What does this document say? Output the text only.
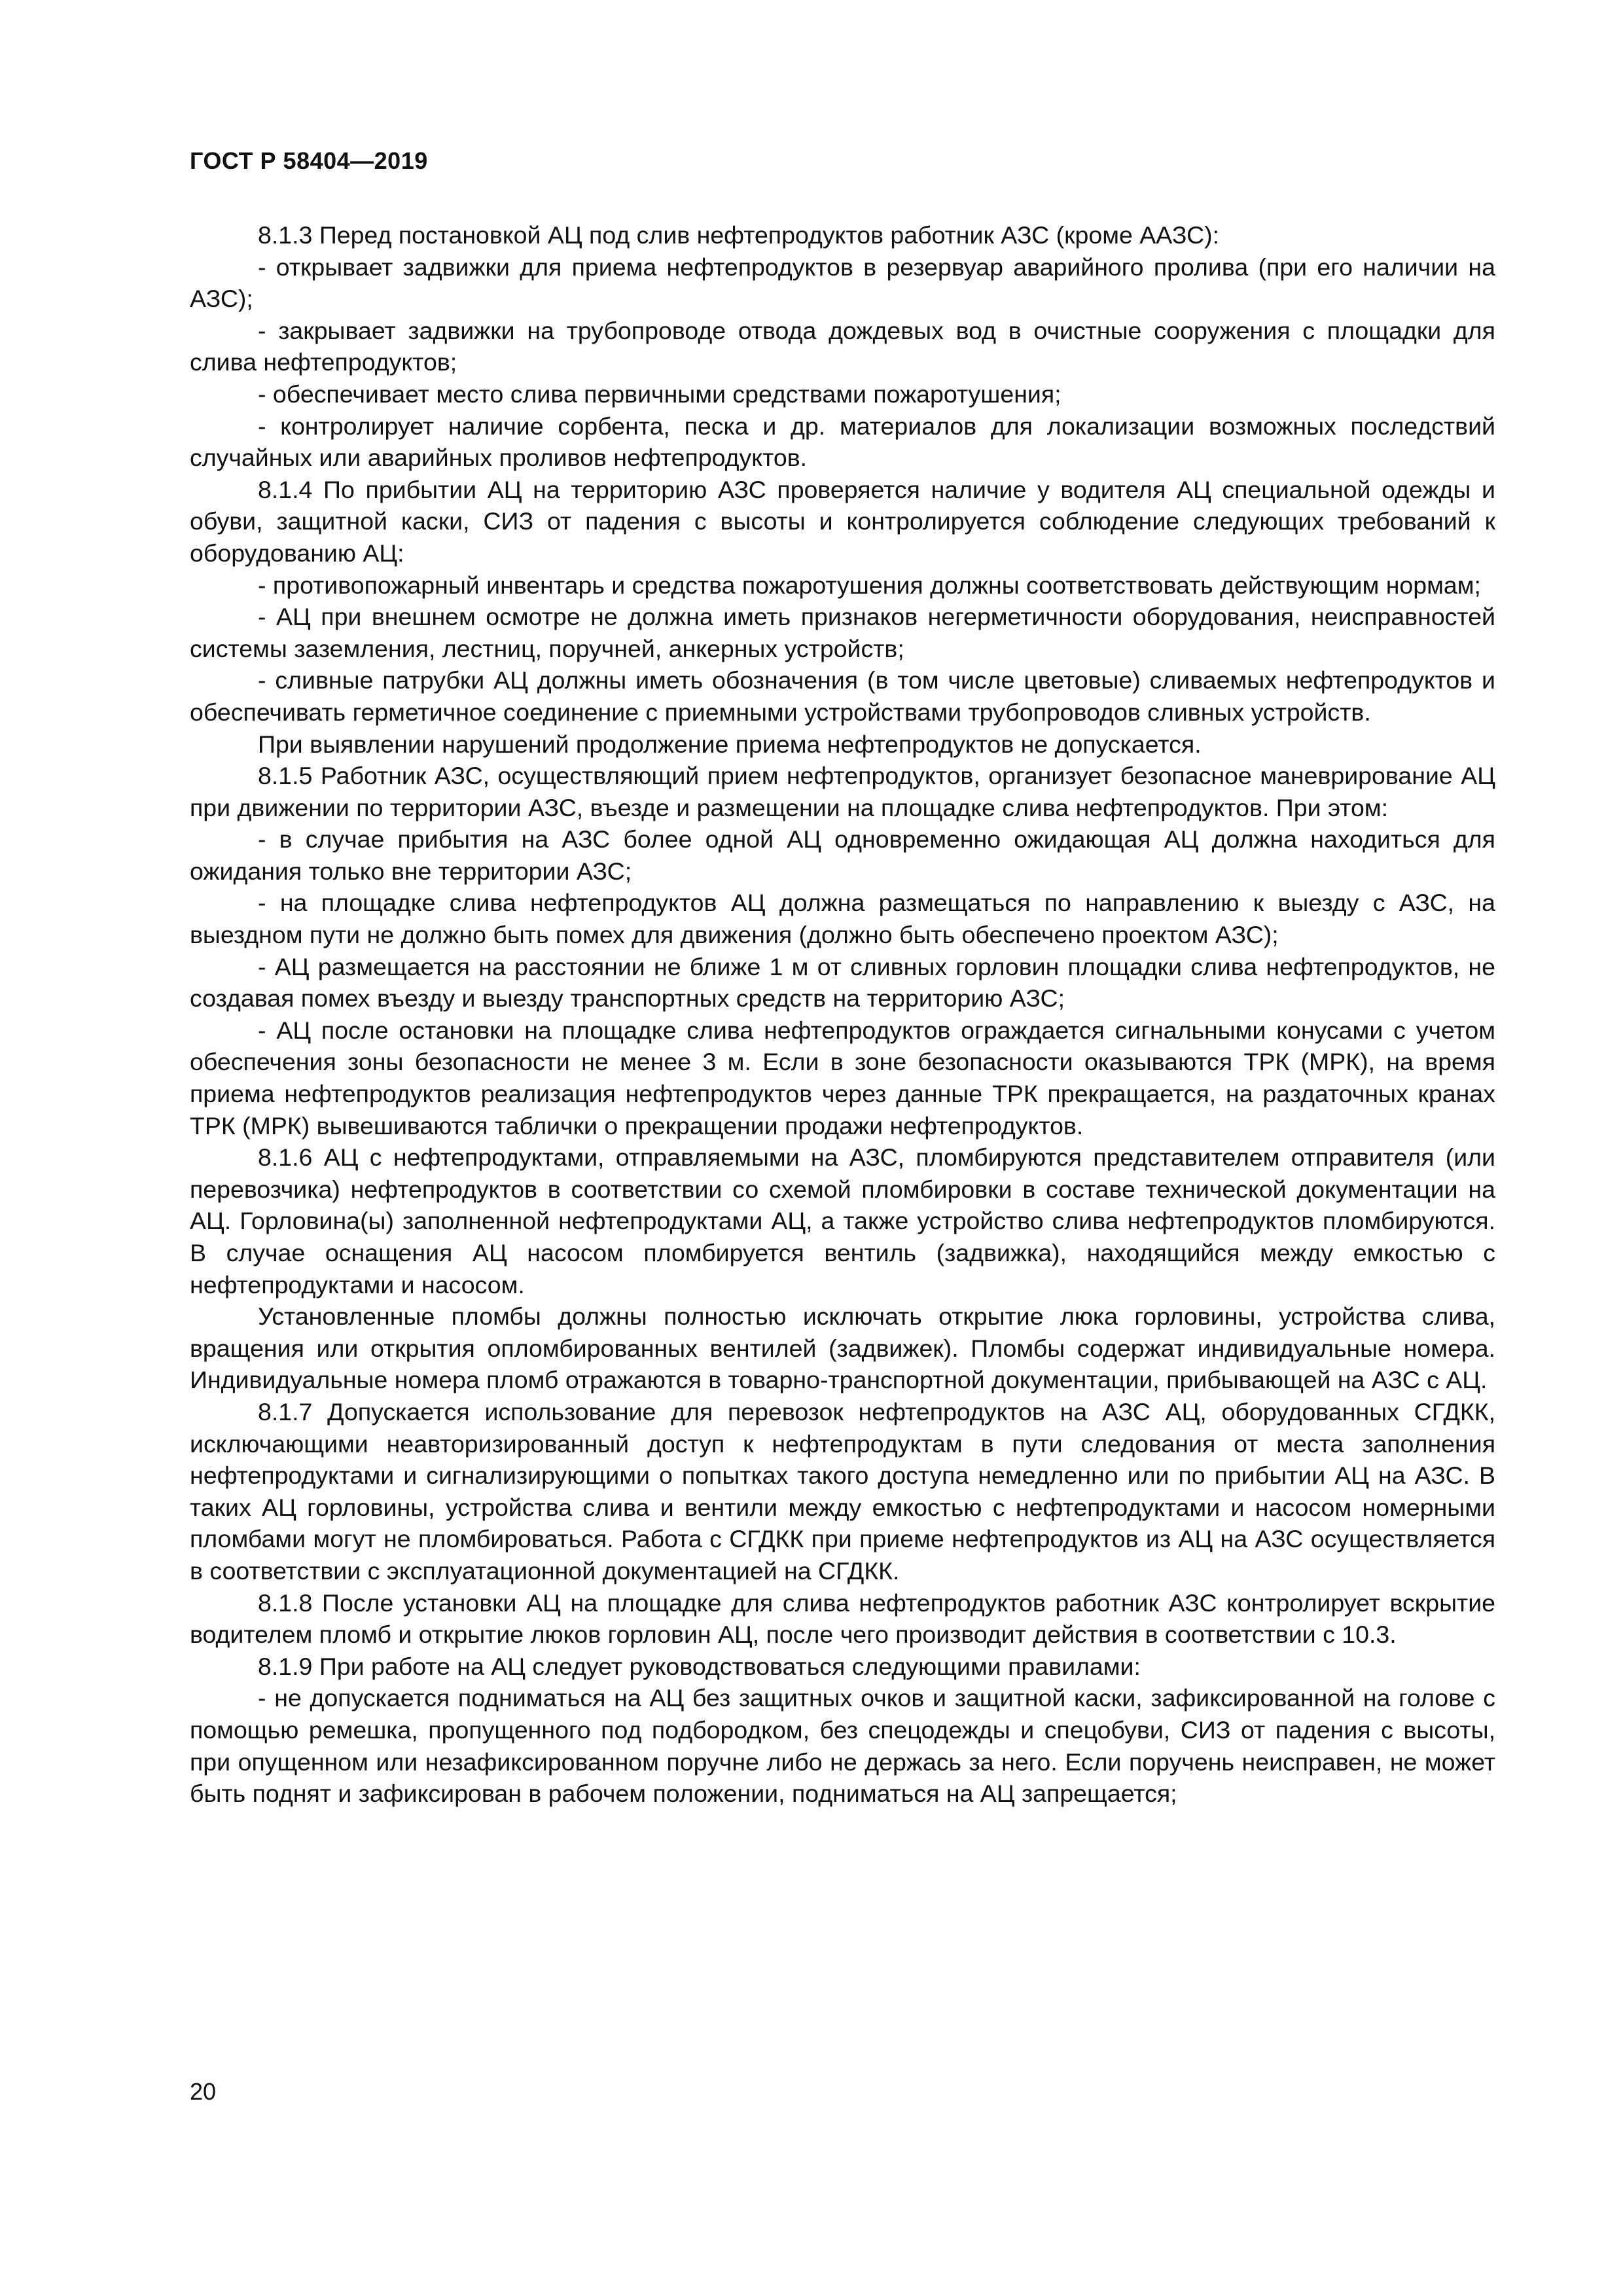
ГОСТ Р 58404—2019

8.1.3 Перед постановкой АЦ под слив нефтепродуктов работник АЗС (кроме ААЗС):

- открывает задвижки для приема нефтепродуктов в резервуар аварийного пролива (при его наличии на АЗС);

- закрывает задвижки на трубопроводе отвода дождевых вод в очистные сооружения с площадки для слива нефтепродуктов;

- обеспечивает место слива первичными средствами пожаротушения;

- контролирует наличие сорбента, песка и др. материалов для локализации возможных последствий случайных или аварийных проливов нефтепродуктов.

8.1.4 По прибытии АЦ на территорию АЗС проверяется наличие у водителя АЦ специальной одежды и обуви, защитной каски, СИЗ от падения с высоты и контролируется соблюдение следующих требований к оборудованию АЦ:

- противопожарный инвентарь и средства пожаротушения должны соответствовать действующим нормам;

- АЦ при внешнем осмотре не должна иметь признаков негерметичности оборудования, неисправностей системы заземления, лестниц, поручней, анкерных устройств;

- сливные патрубки АЦ должны иметь обозначения (в том числе цветовые) сливаемых нефтепродуктов и обеспечивать герметичное соединение с приемными устройствами трубопроводов сливных устройств.

При выявлении нарушений продолжение приема нефтепродуктов не допускается.

8.1.5 Работник АЗС, осуществляющий прием нефтепродуктов, организует безопасное маневрирование АЦ при движении по территории АЗС, въезде и размещении на площадке слива нефтепродуктов. При этом:

- в случае прибытия на АЗС более одной АЦ одновременно ожидающая АЦ должна находиться для ожидания только вне территории АЗС;

- на площадке слива нефтепродуктов АЦ должна размещаться по направлению к выезду с АЗС, на выездном пути не должно быть помех для движения (должно быть обеспечено проектом АЗС);

- АЦ размещается на расстоянии не ближе 1 м от сливных горловин площадки слива нефтепродуктов, не создавая помех въезду и выезду транспортных средств на территорию АЗС;

- АЦ после остановки на площадке слива нефтепродуктов ограждается сигнальными конусами с учетом обеспечения зоны безопасности не менее 3 м. Если в зоне безопасности оказываются ТРК (МРК), на время приема нефтепродуктов реализация нефтепродуктов через данные ТРК прекращается, на раздаточных кранах ТРК (МРК) вывешиваются таблички о прекращении продажи нефтепродуктов.

8.1.6 АЦ с нефтепродуктами, отправляемыми на АЗС, пломбируются представителем отправителя (или перевозчика) нефтепродуктов в соответствии со схемой пломбировки в составе технической документации на АЦ. Горловина(ы) заполненной нефтепродуктами АЦ, а также устройство слива нефтепродуктов пломбируются. В случае оснащения АЦ насосом пломбируется вентиль (задвижка), находящийся между емкостью с нефтепродуктами и насосом.

Установленные пломбы должны полностью исключать открытие люка горловины, устройства слива, вращения или открытия опломбированных вентилей (задвижек). Пломбы содержат индивидуальные номера. Индивидуальные номера пломб отражаются в товарно-транспортной документации, прибывающей на АЗС с АЦ.

8.1.7 Допускается использование для перевозок нефтепродуктов на АЗС АЦ, оборудованных СГДКК, исключающими неавторизированный доступ к нефтепродуктам в пути следования от места заполнения нефтепродуктами и сигнализирующими о попытках такого доступа немедленно или по прибытии АЦ на АЗС. В таких АЦ горловины, устройства слива и вентили между емкостью с нефтепродуктами и насосом номерными пломбами могут не пломбироваться. Работа с СГДКК при приеме нефтепродуктов из АЦ на АЗС осуществляется в соответствии с эксплуатационной документацией на СГДКК.

8.1.8 После установки АЦ на площадке для слива нефтепродуктов работник АЗС контролирует вскрытие водителем пломб и открытие люков горловин АЦ, после чего производит действия в соответствии с 10.3.

8.1.9 При работе на АЦ следует руководствоваться следующими правилами:

- не допускается подниматься на АЦ без защитных очков и защитной каски, зафиксированной на голове с помощью ремешка, пропущенного под подбородком, без спецодежды и спецобуви, СИЗ от падения с высоты, при опущенном или незафиксированном поручне либо не держась за него. Если поручень неисправен, не может быть поднят и зафиксирован в рабочем положении, подниматься на АЦ запрещается;

20
